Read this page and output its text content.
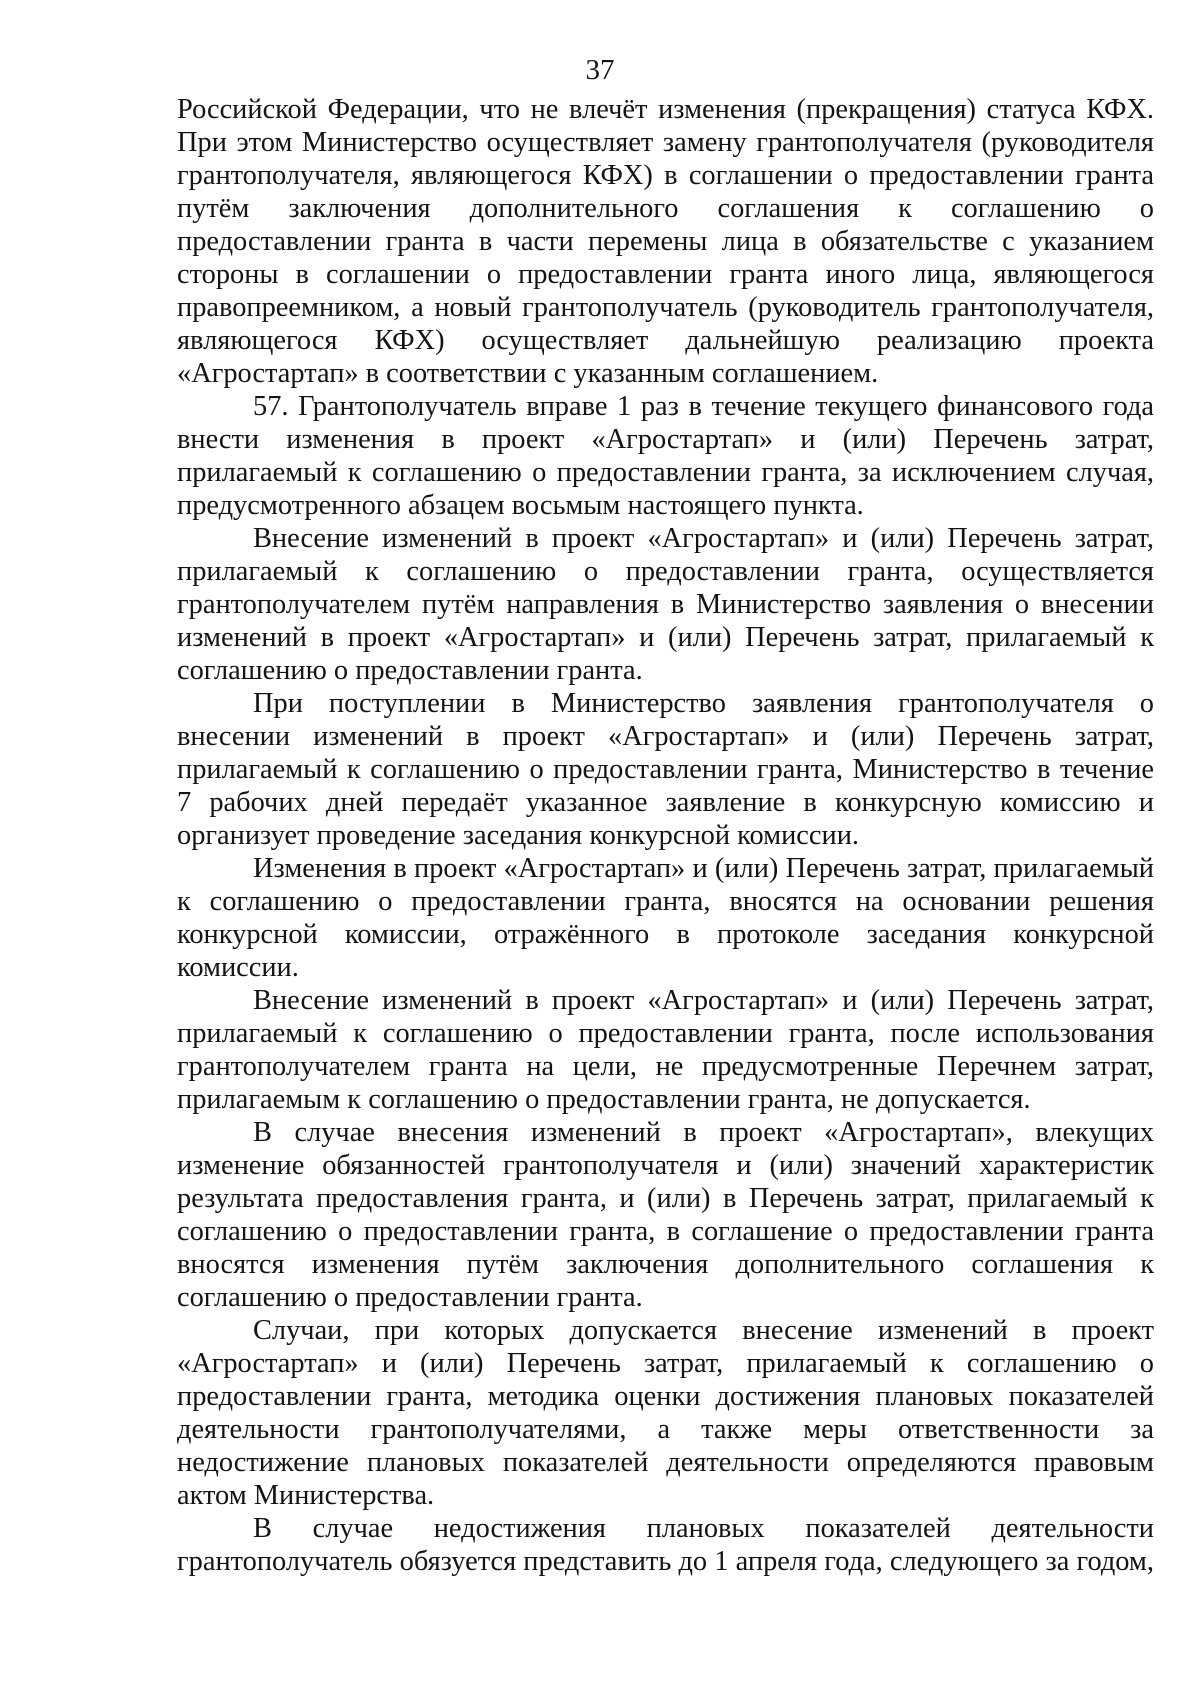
37

Российской Федерации, что не влечёт изменения (прекращения) статуса КФХ. При этом Министерство осуществляет замену грантополучателя (руководителя грантополучателя, являющегося КФХ) в соглашении о предоставлении гранта путём заключения дополнительного соглашения к соглашению о предоставлении гранта в части перемены лица в обязательстве с указанием стороны в соглашении о предоставлении гранта иного лица, являющегося правопреемником, а новый грантополучатель (руководитель грантополучателя, являющегося КФХ) осуществляет дальнейшую реализацию проекта «Агростартап» в соответствии с указанным соглашением.

57. Грантополучатель вправе 1 раз в течение текущего финансового года внести изменения в проект «Агростартап» и (или) Перечень затрат, прилагаемый к соглашению о предоставлении гранта, за исключением случая, предусмотренного абзацем восьмым настоящего пункта.

Внесение изменений в проект «Агростартап» и (или) Перечень затрат, прилагаемый к соглашению о предоставлении гранта, осуществляется грантополучателем путём направления в Министерство заявления о внесении изменений в проект «Агростартап» и (или) Перечень затрат, прилагаемый к соглашению о предоставлении гранта.

При поступлении в Министерство заявления грантополучателя о внесении изменений в проект «Агростартап» и (или) Перечень затрат, прилагаемый к соглашению о предоставлении гранта, Министерство в течение 7 рабочих дней передаёт указанное заявление в конкурсную комиссию и организует проведение заседания конкурсной комиссии.

Изменения в проект «Агростартап» и (или) Перечень затрат, прилагаемый к соглашению о предоставлении гранта, вносятся на основании решения конкурсной комиссии, отражённого в протоколе заседания конкурсной комиссии.

Внесение изменений в проект «Агростартап» и (или) Перечень затрат, прилагаемый к соглашению о предоставлении гранта, после использования грантополучателем гранта на цели, не предусмотренные Перечнем затрат, прилагаемым к соглашению о предоставлении гранта, не допускается.

В случае внесения изменений в проект «Агростартап», влекущих изменение обязанностей грантополучателя и (или) значений характеристик результата предоставления гранта, и (или) в Перечень затрат, прилагаемый к соглашению о предоставлении гранта, в соглашение о предоставлении гранта вносятся изменения путём заключения дополнительного соглашения к соглашению о предоставлении гранта.

Случаи, при которых допускается внесение изменений в проект «Агростартап» и (или) Перечень затрат, прилагаемый к соглашению о предоставлении гранта, методика оценки достижения плановых показателей деятельности грантополучателями, а также меры ответственности за недостижение плановых показателей деятельности определяются правовым актом Министерства.

В случае недостижения плановых показателей деятельности грантополучатель обязуется представить до 1 апреля года, следующего за годом,
